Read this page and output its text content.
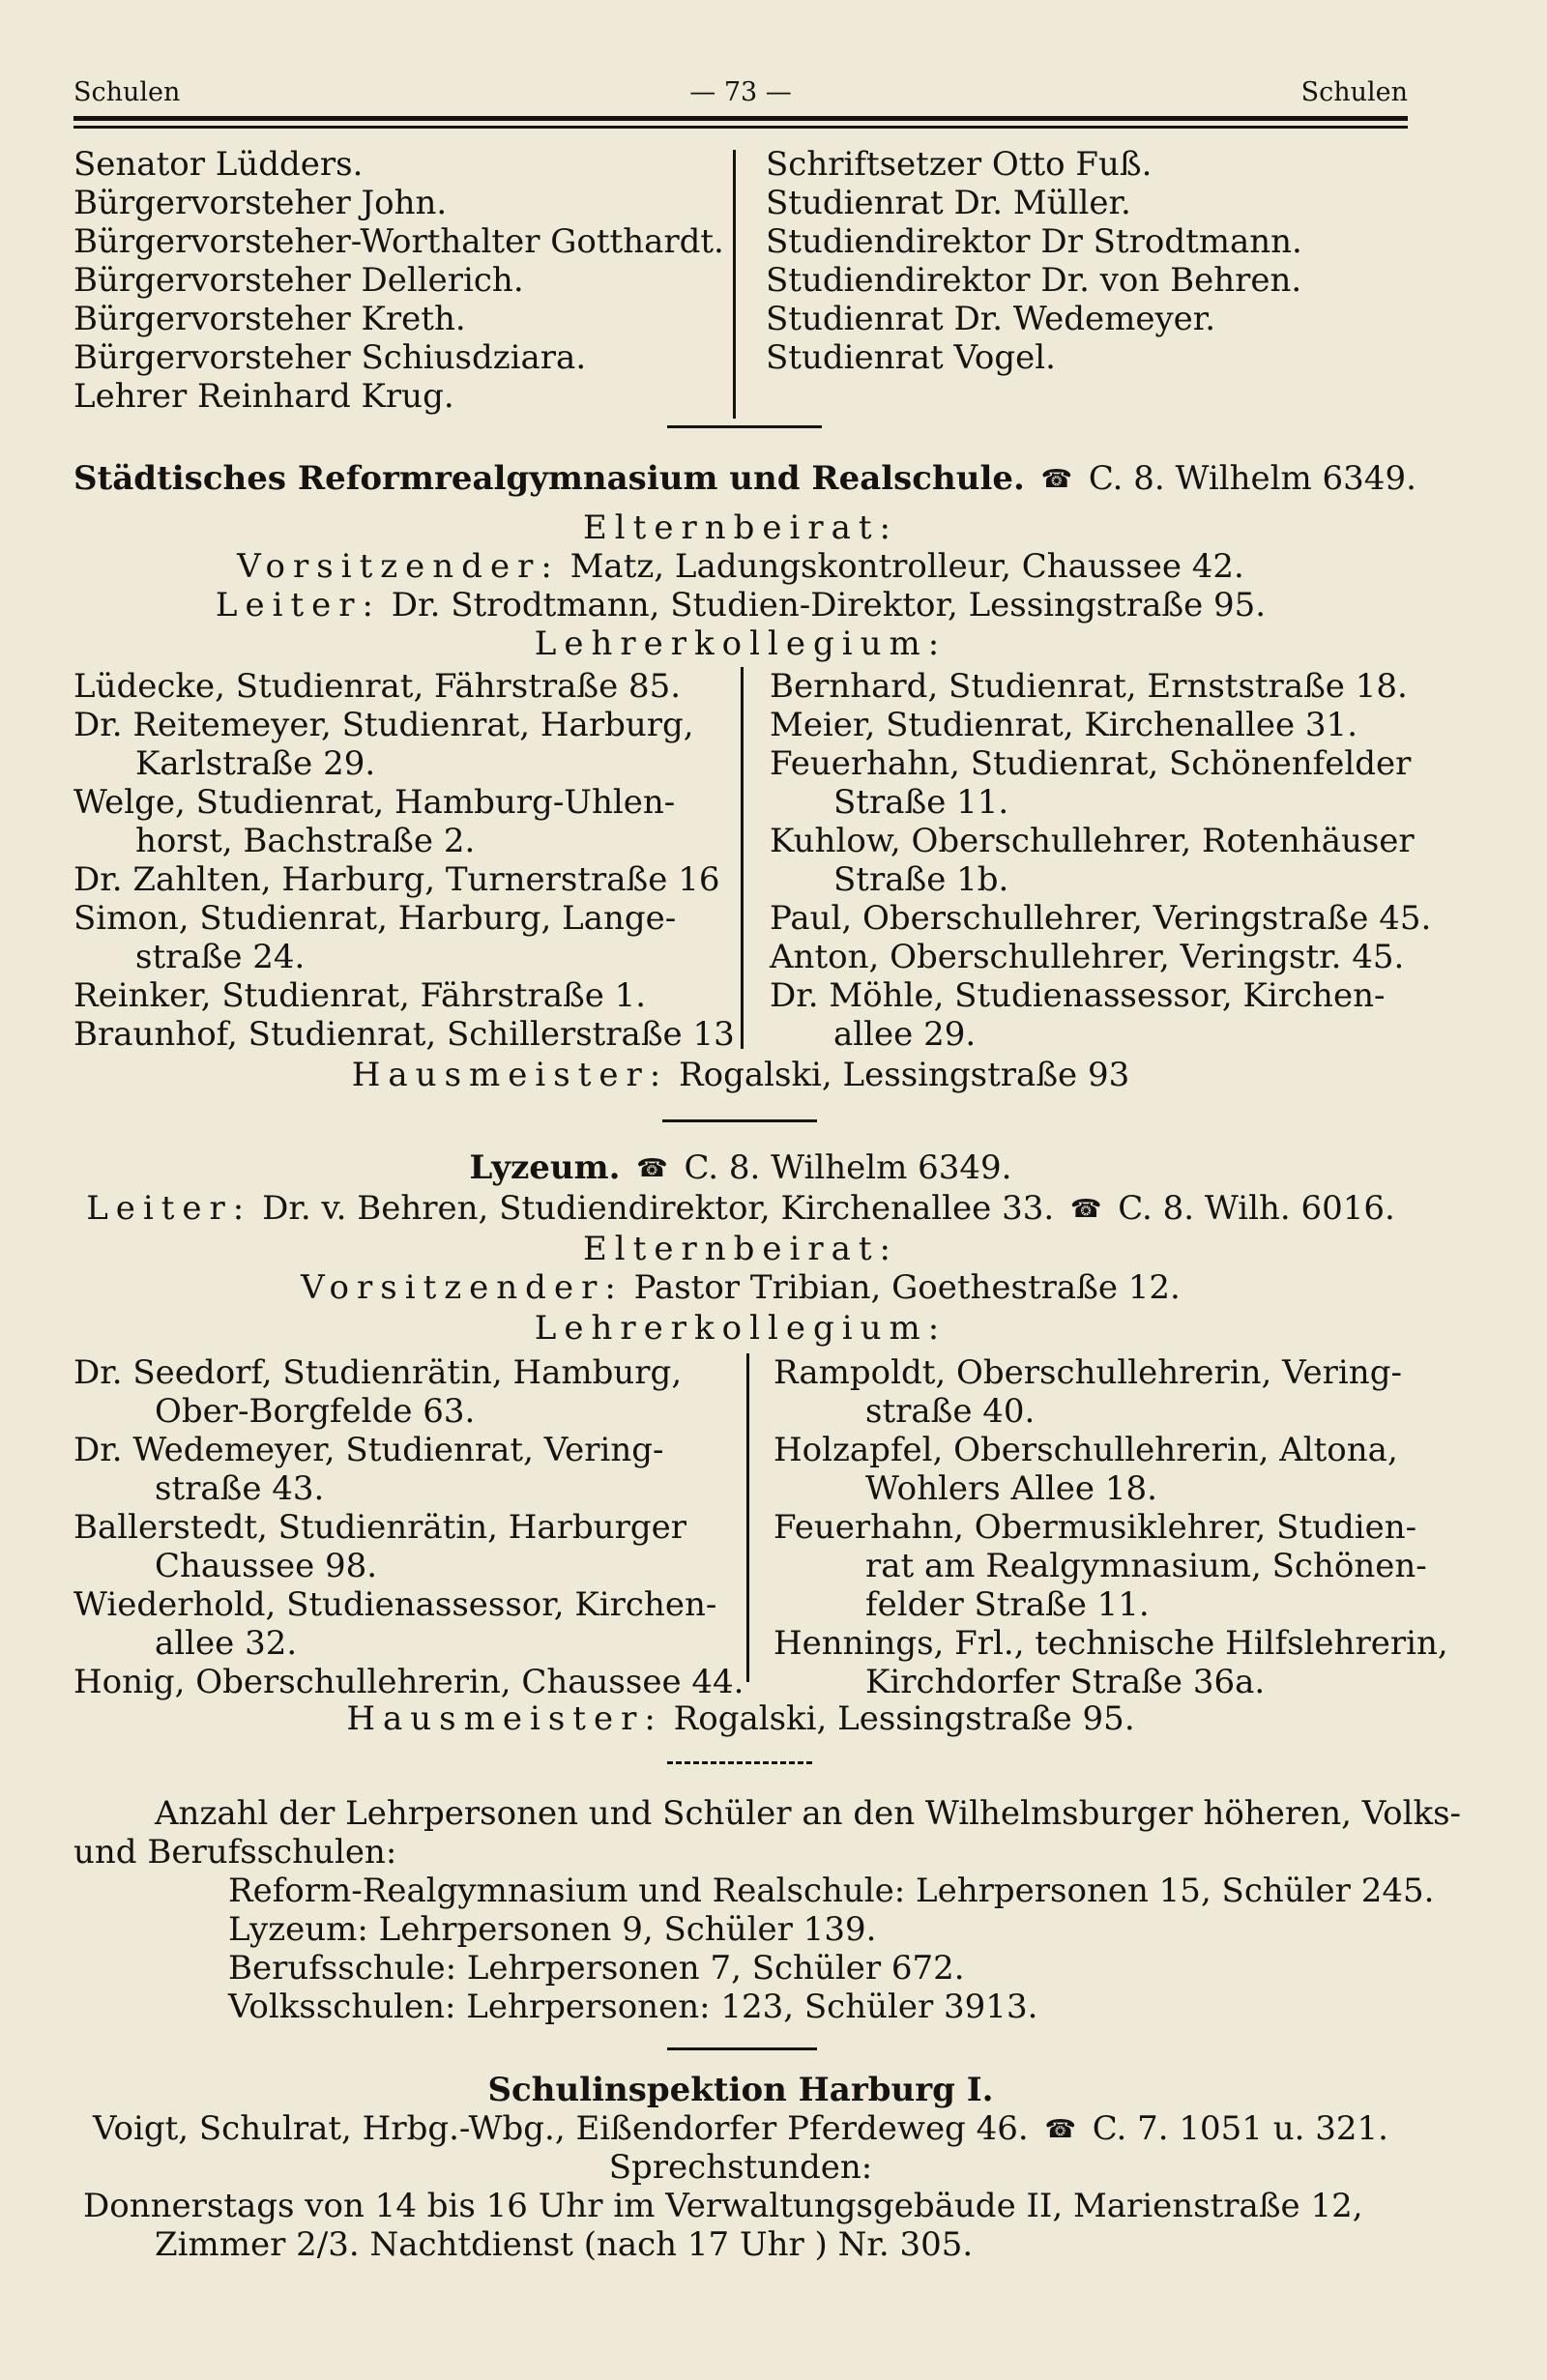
Schulen	— 73 —	Schulen
Senator Lüdders.
Bürgervorsteher John.
Bürgervorsteher-Worthalter Gotthardt.
Bürgervorsteher Dellerich.
Bürgervorsteher Kreth.
Bürgervorsteher Schiusdziara.
Lehrer Reinhard Krug.
Schriftsetzer Otto Fuß.
Studienrat Dr. Müller.
Studiendirektor Dr Strodtmann.
Studiendirektor Dr. von Behren.
Studienrat Dr. Wedemeyer.
Studienrat Vogel.
Städtisches Reformrealgymnasium und Realschule. ☎ C. 8. Wilhelm 6349.
Elternbeirat:
Vorsitzender: Matz, Ladungskontrolleur, Chaussee 42.
Leiter: Dr. Strodtmann, Studien-Direktor, Lessingstraße 95.
Lehrerkollegium:
Lüdecke, Studienrat, Fährstraße 85.
Dr. Reitemeyer, Studienrat, Harburg,
Karlstraße 29.
Welge, Studienrat, Hamburg-Uhlen-
horst, Bachstraße 2.
Dr. Zahlten, Harburg, Turnerstraße 16
Simon, Studienrat, Harburg, Lange-
straße 24.
Reinker, Studienrat, Fährstraße 1.
Braunhof, Studienrat, Schillerstraße 13
Bernhard, Studienrat, Ernststraße 18.
Meier, Studienrat, Kirchenallee 31.
Feuerhahn, Studienrat, Schönenfelder
Straße 11.
Kuhlow, Oberschullehrer, Rotenhäuser
Straße 1b.
Paul, Oberschullehrer, Veringstraße 45.
Anton, Oberschullehrer, Veringstr. 45.
Dr. Möhle, Studienassessor, Kirchen-
allee 29.
Hausmeister: Rogalski, Lessingstraße 93
Lyzeum. ☎ C. 8. Wilhelm 6349.
Leiter: Dr. v. Behren, Studiendirektor, Kirchenallee 33. ☎ C. 8. Wilh. 6016.
Elternbeirat:
Vorsitzender: Pastor Tribian, Goethestraße 12.
Lehrerkollegium:
Dr. Seedorf, Studienrätin, Hamburg,
Ober-Borgfelde 63.
Dr. Wedemeyer, Studienrat, Vering-
straße 43.
Ballerstedt, Studienrätin, Harburger
Chaussee 98.
Wiederhold, Studienassessor, Kirchen-
allee 32.
Honig, Oberschullehrerin, Chaussee 44.
Rampoldt, Oberschullehrerin, Vering-
straße 40.
Holzapfel, Oberschullehrerin, Altona,
Wohlers Allee 18.
Feuerhahn, Obermusiklehrer, Studien-
rat am Realgymnasium, Schönen-
felder Straße 11.
Hennings, Frl., technische Hilfslehrerin,
Kirchdorfer Straße 36a.
Hausmeister: Rogalski, Lessingstraße 95.
Anzahl der Lehrpersonen und Schüler an den Wilhelmsburger höheren, Volks-
und Berufsschulen:
Reform-Realgymnasium und Realschule: Lehrpersonen 15, Schüler 245.
Lyzeum: Lehrpersonen 9, Schüler 139.
Berufsschule: Lehrpersonen 7, Schüler 672.
Volksschulen: Lehrpersonen: 123, Schüler 3913.
Schulinspektion Harburg I.
Voigt, Schulrat, Hrbg.-Wbg., Eißendorfer Pferdeweg 46. ☎ C. 7. 1051 u. 321.
Sprechstunden:
Donnerstags von 14 bis 16 Uhr im Verwaltungsgebäude II, Marienstraße 12,
Zimmer 2/3. Nachtdienst (nach 17 Uhr ) Nr. 305.
